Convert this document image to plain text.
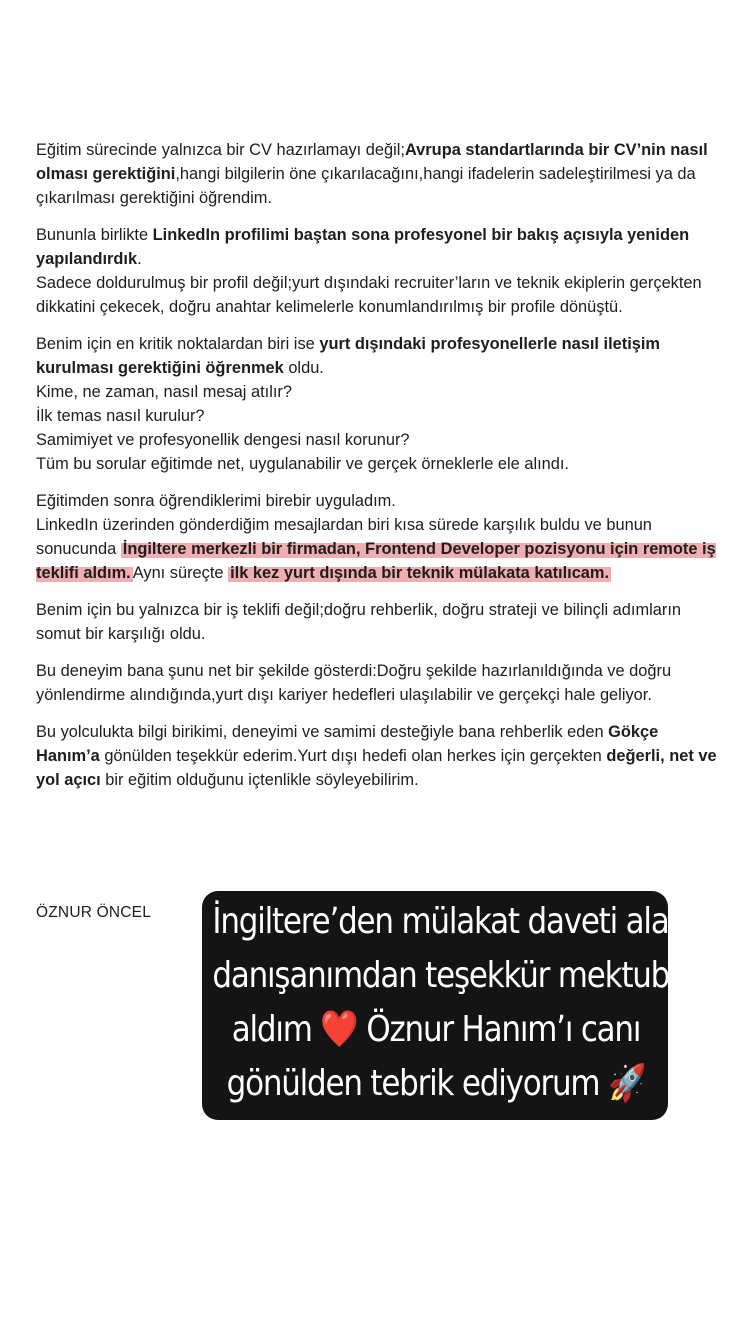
Eğitim sürecinde yalnızca bir CV hazırlamayı değil;Avrupa standartlarında bir CV’nin nasıl olması gerektiğini,hangi bilgilerin öne çıkarılacağını,hangi ifadelerin sadeleştirilmesi ya da çıkarılması gerektiğini öğrendim.

Bununla birlikte LinkedIn profilimi baştan sona profesyonel bir bakış açısıyla yeniden yapılandırdık.
Sadece doldurulmuş bir profil değil;yurt dışındaki recruiter’ların ve teknik ekiplerin gerçekten dikkatini çekecek, doğru anahtar kelimelerle konumlandırılmış bir profile dönüştü.

Benim için en kritik noktalardan biri ise yurt dışındaki profesyonellerle nasıl iletişim kurulması gerektiğini öğrenmek oldu.
Kime, ne zaman, nasıl mesaj atılır?
İlk temas nasıl kurulur?
Samimiyet ve profesyonellik dengesi nasıl korunur?
Tüm bu sorular eğitimde net, uygulanabilir ve gerçek örneklerle ele alındı.

Eğitimden sonra öğrendiklerimi birebir uyguladım.
LinkedIn üzerinden gönderdiğim mesajlardan biri kısa sürede karşılık buldu ve bunun sonucunda İngiltere merkezli bir firmadan, Frontend Developer pozisyonu için remote iş teklifi aldım. Aynı süreçte ilk kez yurt dışında bir teknik mülakata katılıcam.

Benim için bu yalnızca bir iş teklifi değil;doğru rehberlik, doğru strateji ve bilinçli adımların somut bir karşılığı oldu.

Bu deneyim bana şunu net bir şekilde gösterdi:Doğru şekilde hazırlanıldığında ve doğru yönlendirme alındığında,yurt dışı kariyer hedefleri ulaşılabilir ve gerçekçi hale geliyor.

Bu yolculukta bilgi birikimi, deneyimi ve samimi desteğiyle bana rehberlik eden Gökçe Hanım’a gönülden teşekkür ederim.Yurt dışı hedefi olan herkes için gerçekten değerli, net ve yol açıcı bir eğitim olduğunu içtenlikle söyleyebilirim.

ÖZNUR ÖNCEL İngiltere’den mülakat daveti alan
danışanımdan teşekkür mektubu
aldım ❤️ Öznur Hanım’ı canı
gönülden tebrik ediyorum 🚀
